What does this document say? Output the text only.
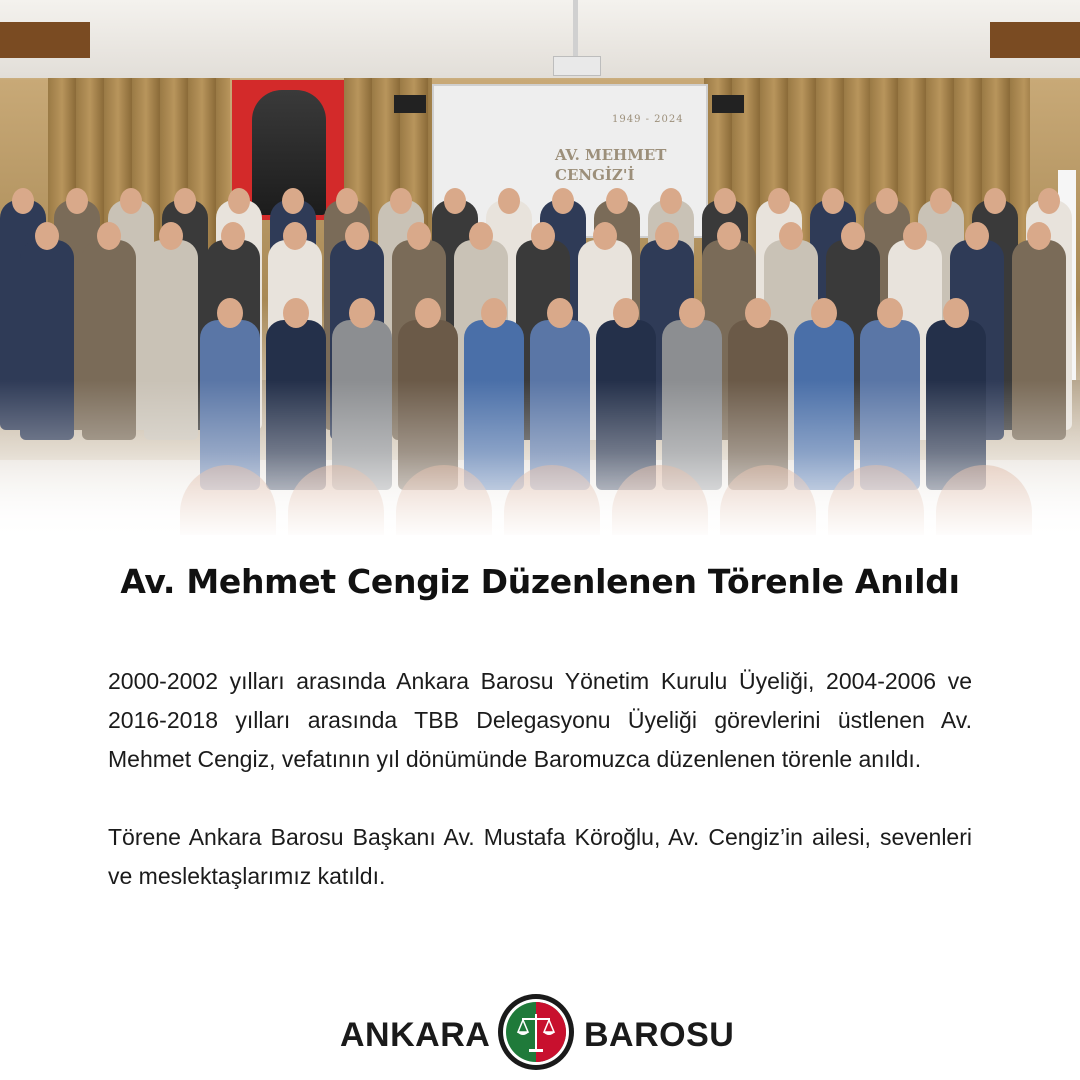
1949 - 2024
AV. MEHMET
CENGİZ'İ
Av. Mehmet Cengiz Düzenlenen Törenle Anıldı

2000-2002 yılları arasında Ankara Barosu Yönetim Kurulu Üyeliği, 2004-2006 ve 2016-2018 yılları arasında TBB Delegasyonu Üyeliği görevlerini üstlenen Av. Mehmet Cengiz, vefatının yıl dönümünde Baromuzca düzenlenen törenle anıldı.

Törene Ankara Barosu Başkanı Av. Mustafa Köroğlu, Av. Cengiz’in ailesi, sevenleri ve meslektaşlarımız katıldı.

ANKARA	BAROSU
